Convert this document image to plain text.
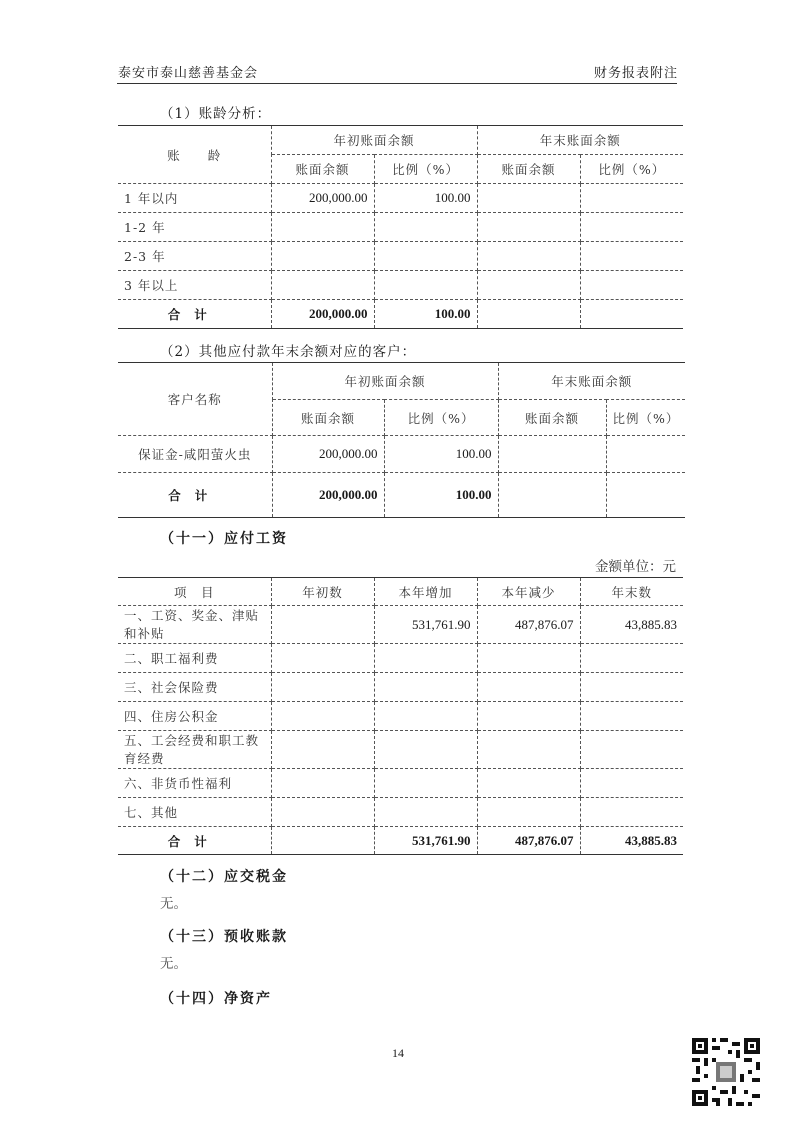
泰安市泰山慈善基金会	财务报表附注
（1）账龄分析：
账　　龄	年初账面余额		年末账面余额	
	账面余额	比例（%）	账面余额	比例（%）
1 年以内	200,000.00	100.00		
1-2 年				
2-3 年				
3 年以上				
合计	200,000.00	100.00		
（2）其他应付款年末余额对应的客户：
客户名称	年初账面余额		年末账面余额	
	账面余额	比例（%）	账面余额	比例（%）
保证金-咸阳萤火虫	200,000.00	100.00		
合计	200,000.00	100.00		
（十一）应付工资
金额单位：元
项　目	年初数	本年增加	本年减少	年末数
一、工资、奖金、津贴和补贴		531,761.90	487,876.07	43,885.83
二、职工福利费				
三、社会保险费				
四、住房公积金				
五、工会经费和职工教育经费				
六、非货币性福利				
七、其他				
合计		531,761.90	487,876.07	43,885.83
（十二）应交税金
无。
（十三）预收账款
无。
（十四）净资产
14
